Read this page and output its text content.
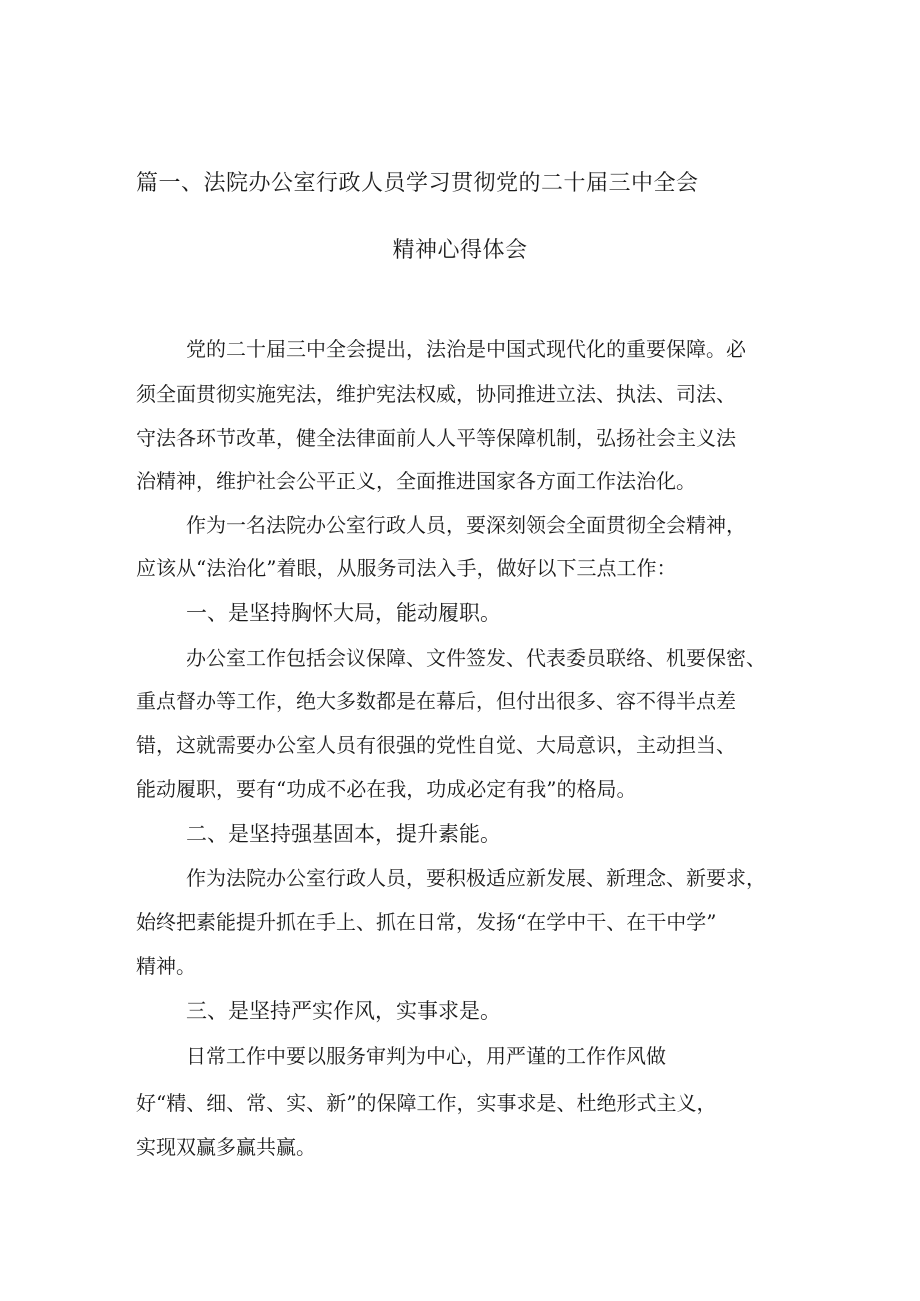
篇一、法院办公室行政人员学习贯彻党的二十届三中全会
精神心得体会
党的二十届三中全会提出，法治是中国式现代化的重要保障。必
须全面贯彻实施宪法，维护宪法权威，协同推进立法、执法、司法、
守法各环节改革，健全法律面前人人平等保障机制，弘扬社会主义法
治精神，维护社会公平正义，全面推进国家各方面工作法治化。
作为一名法院办公室行政人员，要深刻领会全面贯彻全会精神，
应该从“法治化”着眼，从服务司法入手，做好以下三点工作：
一、是坚持胸怀大局，能动履职。
办公室工作包括会议保障、文件签发、代表委员联络、机要保密、
重点督办等工作，绝大多数都是在幕后，但付出很多、容不得半点差
错，这就需要办公室人员有很强的党性自觉、大局意识，主动担当、
能动履职，要有“功成不必在我，功成必定有我”的格局。
二、是坚持强基固本，提升素能。
作为法院办公室行政人员，要积极适应新发展、新理念、新要求，
始终把素能提升抓在手上、抓在日常，发扬“在学中干、在干中学”
精神。
三、是坚持严实作风，实事求是。
日常工作中要以服务审判为中心，用严谨的工作作风做
好“精、细、常、实、新”的保障工作，实事求是、杜绝形式主义，
实现双赢多赢共赢。
